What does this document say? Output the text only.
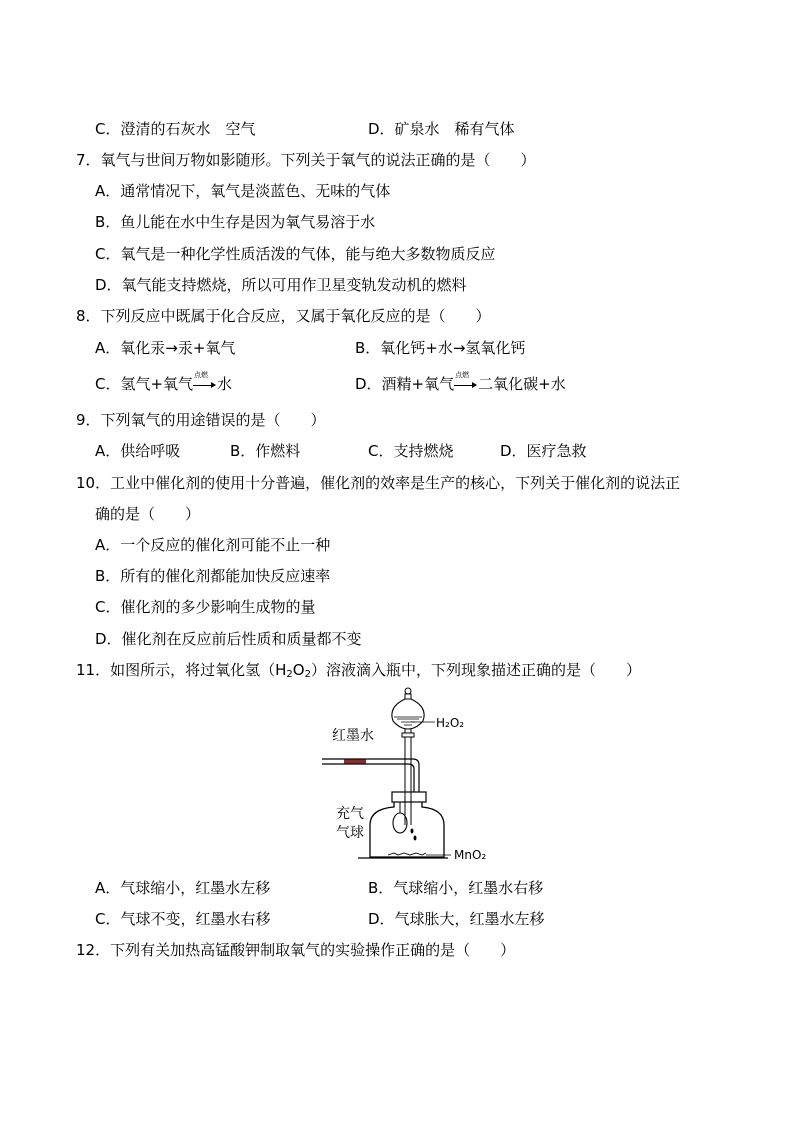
C．澄清的石灰水　空气	D．矿泉水　稀有气体
7．氧气与世间万物如影随形。下列关于氧气的说法正确的是（　　）
A．通常情况下，氧气是淡蓝色、无味的气体
B．鱼儿能在水中生存是因为氧气易溶于水
C．氧气是一种化学性质活泼的气体，能与绝大多数物质反应
D．氧气能支持燃烧，所以可用作卫星变轨发动机的燃料
8．下列反应中既属于化合反应，又属于氧化反应的是（　　）
A．氧化汞→汞+氧气	B．氧化钙+水→氢氧化钙
C．氢气+氧气 点燃 水	D．酒精+氧气 点燃 二氧化碳+水
9．下列氧气的用途错误的是（　　）
A．供给呼吸	B．作燃料	C．支持燃烧	D．医疗急救
10．工业中催化剂的使用十分普遍，催化剂的效率是生产的核心，下列关于催化剂的说法正
确的是（　　）
A．一个反应的催化剂可能不止一种
B．所有的催化剂都能加快反应速率
C．催化剂的多少影响生成物的量
D．催化剂在反应前后性质和质量都不变
11．如图所示，将过氧化氢$(H_2O_2)$溶液滴入瓶中，下列现象描述正确的是（　　）
红墨水
H₂O₂
MnO₂
充气
气球
A．气球缩小，红墨水左移	B．气球缩小，红墨水右移
C．气球不变，红墨水右移	D．气球胀大，红墨水左移
12．下列有关加热高锰酸钾制取氧气的实验操作正确的是（　　）
